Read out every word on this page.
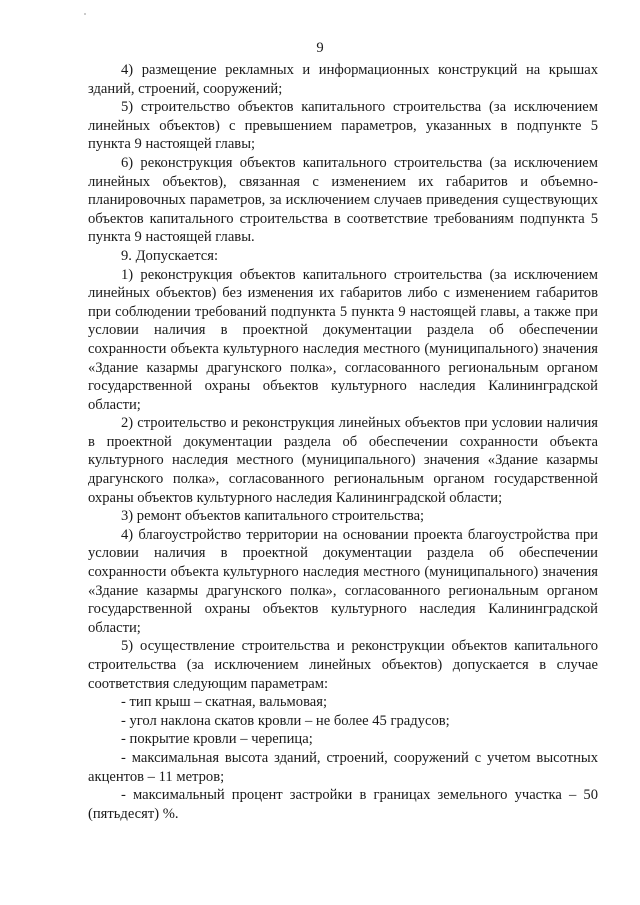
9

4) размещение рекламных и информационных конструкций на крышах зданий, строений, сооружений;

5) строительство объектов капитального строительства (за исключением линейных объектов) с превышением параметров, указанных в подпункте 5 пункта 9 настоящей главы;

6) реконструкция объектов капитального строительства (за исключением линейных объектов), связанная с изменением их габаритов и объемно-планировочных параметров, за исключением случаев приведения существующих объектов капитального строительства в соответствие требованиям подпункта 5 пункта 9 настоящей главы.

9. Допускается:

1) реконструкция объектов капитального строительства (за исключением линейных объектов) без изменения их габаритов либо с изменением габаритов при соблюдении требований подпункта 5 пункта 9 настоящей главы, а также при условии наличия в проектной документации раздела об обеспечении сохранности объекта культурного наследия местного (муниципального) значения «Здание казармы драгунского полка», согласованного региональным органом государственной охраны объектов культурного наследия Калининградской области;

2) строительство и реконструкция линейных объектов при условии наличия в проектной документации раздела об обеспечении сохранности объекта культурного наследия местного (муниципального) значения «Здание казармы драгунского полка», согласованного региональным органом государственной охраны объектов культурного наследия Калининградской области;

3) ремонт объектов капитального строительства;

4) благоустройство территории на основании проекта благоустройства при условии наличия в проектной документации раздела об обеспечении сохранности объекта культурного наследия местного (муниципального) значения «Здание казармы драгунского полка», согласованного региональным органом государственной охраны объектов культурного наследия Калининградской области;

5) осуществление строительства и реконструкции объектов капитального строительства (за исключением линейных объектов) допускается в случае соответствия следующим параметрам:

- тип крыш – скатная, вальмовая;

- угол наклона скатов кровли – не более 45 градусов;

- покрытие кровли – черепица;

- максимальная высота зданий, строений, сооружений с учетом высотных акцентов – 11 метров;

- максимальный процент застройки в границах земельного участка – 50 (пятьдесят) %.
